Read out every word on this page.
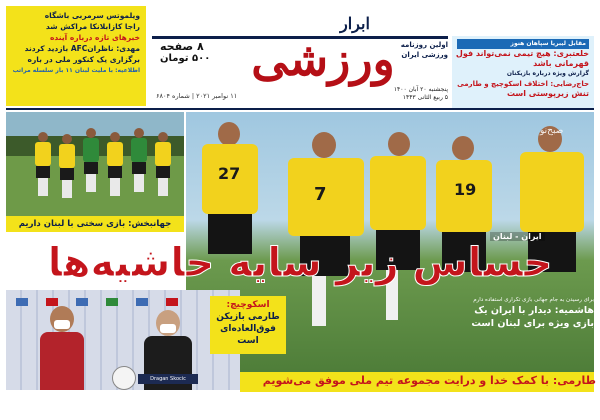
ویلموتس سرمربی باشگاه
راجا کازابلانکا مراکش شد
خبرهای تازه درباره آینده
مهدی: ناظرانAFC بازدید کردند
برگزاری یک کنکور ملی در باره
اطلاعیه: با ملیت لبنان ۱۱ بار سلسله مراتب
۸ صفحه
۵۰۰ تومان
ابرار
ورزشی اولین روزنامه
ورزشی ایران
پنجشنبه ۲۰ آبان ۱۴۰۰
۵ ربیع الثانی ۱۴۴۳
۱۱ نوامبر ۲۰۲۱ | شماره ۶۸۰۴
مقابل لیبریا سپاهان هنوز
خلعتبری: هیچ تیمی نمی‌تواند فول
قهرمانی باشد
گزارش ویژه درباره بازیکنان
حاج‌رضایی: اختلاف اسکوچیچ و طارمی
تنش زیرپوستی است
جهانبخش: بازی سختی با لبنان داریم
27
7	19
صبح‌نو
ایران - لبنان
حساس زیر سایه حاشیه‌ها
Dragan Skocic
اسکوچیچ:
طارمی بازیکن
فوق‌العاده‌ای
است
برای رسیدن به جام جهانی بازی تکراری استفاده دارم
هاشمیه: دیدار با ایران یک
بازی ویژه برای لبنان است
طارمی: با کمک خدا و درایت مجموعه تیم ملی موفق می‌شویم
